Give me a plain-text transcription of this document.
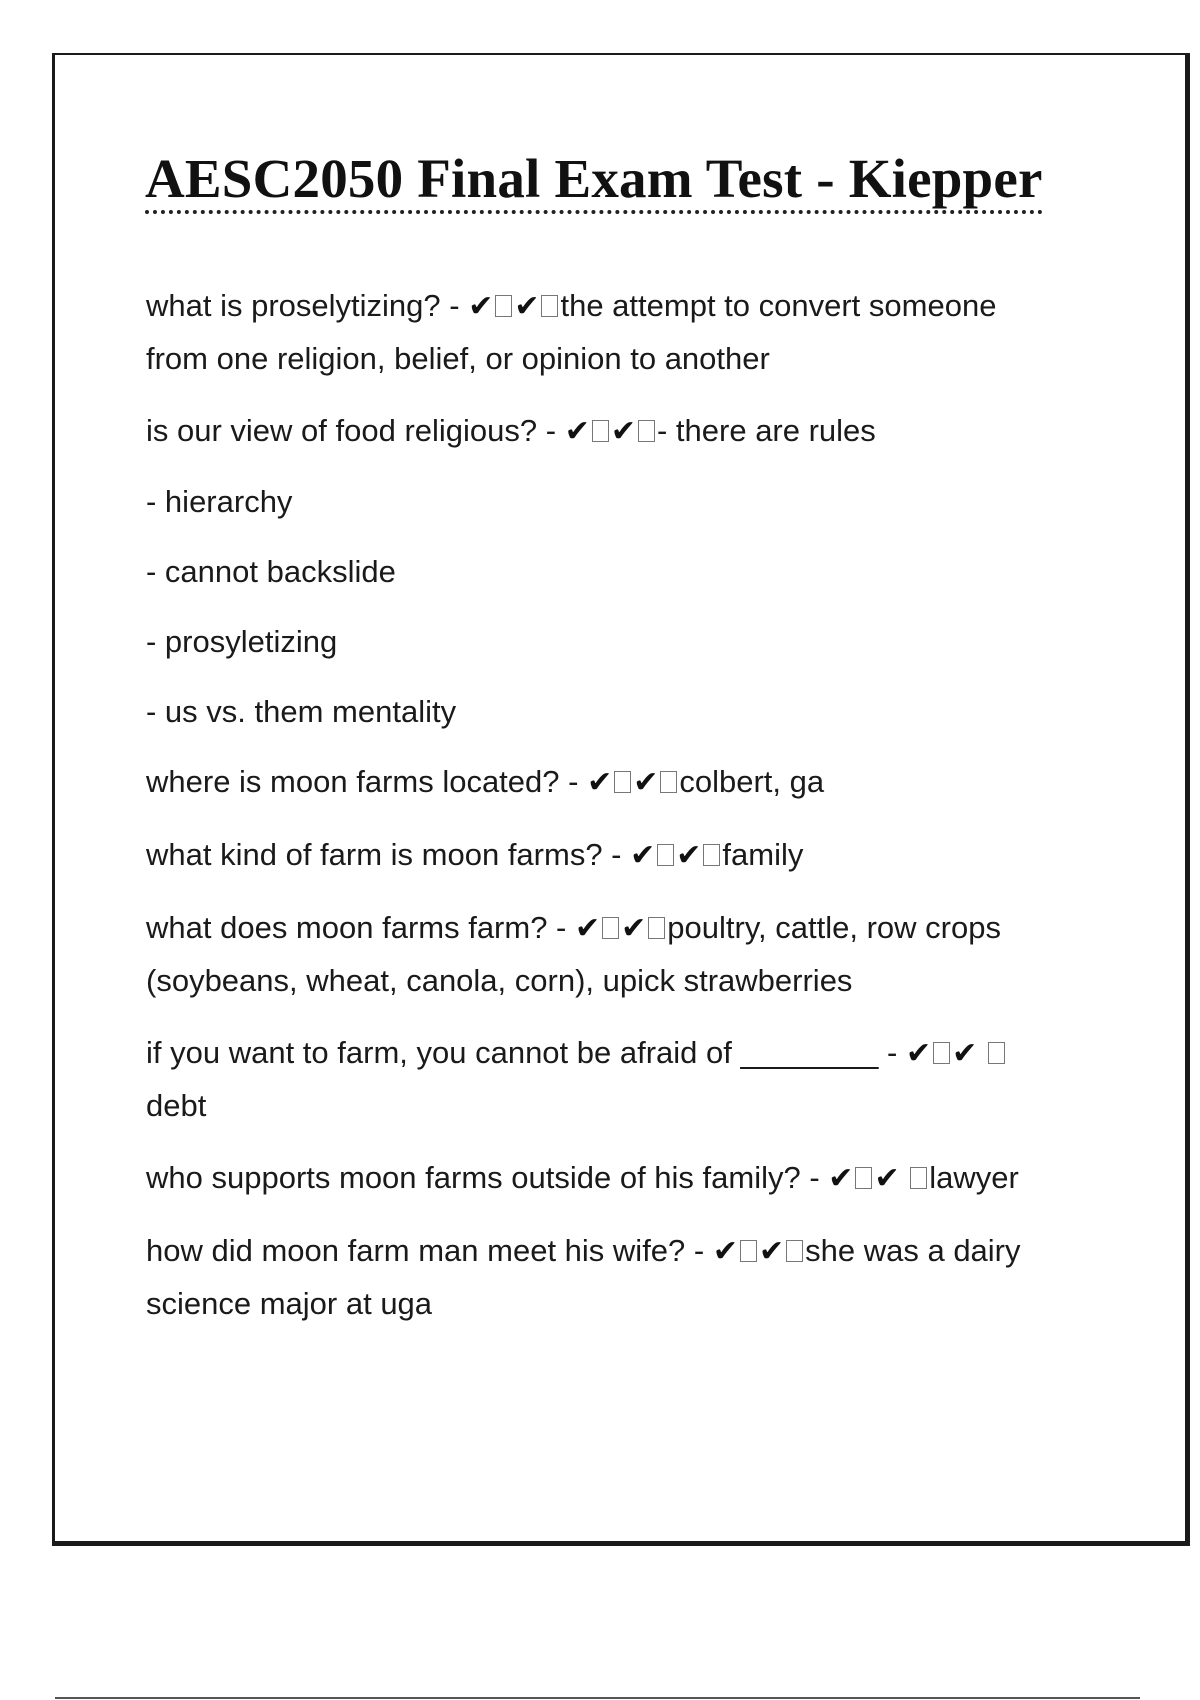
AESC2050 Final Exam Test - Kiepper

what is proselytizing? - ✔ ✔ the attempt to convert someone from one religion, belief, or opinion to another

is our view of food religious? - ✔ ✔ - there are rules

- hierarchy

- cannot backslide

- prosyletizing

- us vs. them mentality

where is moon farms located? - ✔ ✔ colbert, ga

what kind of farm is moon farms? - ✔ ✔ family

what does moon farms farm? - ✔ ✔ poultry, cattle, row crops (soybeans, wheat, canola, corn), upick strawberries

if you want to farm, you cannot be afraid of ________ - ✔ ✔ debt

who supports moon farms outside of his family? - ✔ ✔ lawyer

how did moon farm man meet his wife? - ✔ ✔ she was a dairy science major at uga
